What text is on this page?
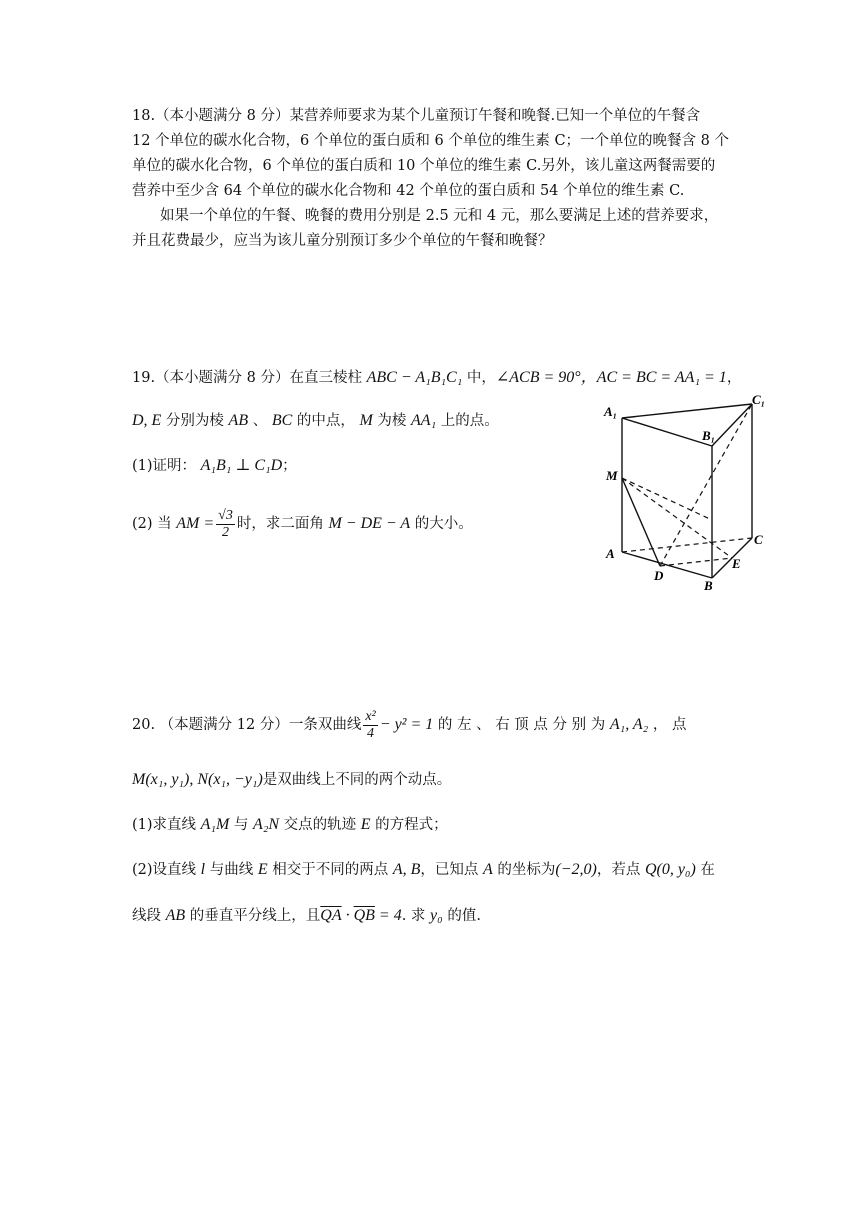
18.（本小题满分 8 分）某营养师要求为某个儿童预订午餐和晚餐.已知一个单位的午餐含
12 个单位的碳水化合物，6 个单位的蛋白质和 6 个单位的维生素 C；一个单位的晚餐含 8 个
单位的碳水化合物，6 个单位的蛋白质和 10 个单位的维生素 C.另外，该儿童这两餐需要的
营养中至少含 64 个单位的碳水化合物和 42 个单位的蛋白质和 54 个单位的维生素 C.
如果一个单位的午餐、晚餐的费用分别是 2.5 元和 4 元，那么要满足上述的营养要求，
并且花费最少，应当为该儿童分别预订多少个单位的午餐和晚餐？
19.（本小题满分 8 分）在直三棱柱 ABC − A₁B₁C₁ 中，∠ACB = 90°，AC = BC = AA₁ = 1，
D, E 分别为棱 AB 、 BC 的中点， M 为棱 AA₁ 上的点。
(1)证明： A₁B₁ ⊥ C₁D；
(2) 当 AM = $\frac{√3}{2}$ 时，求二面角 M − DE − A 的大小。
A₁
C₁
B₁
M
A
C
D
E
B
20. （本题满分 12 分）一条双曲线 $\frac{\text{x²}}{4} - y^2 = 1$ 的 左 、 右 顶 点 分 别 为 A₁, A₂ ， 点
M(x₁, y₁), N(x₁, −y₁)是双曲线上不同的两个动点。
(1)求直线 A₁M 与 A₂N 交点的轨迹 E 的方程式；
(2)设直线 l 与曲线 E 相交于不同的两点 A, B，已知点 A 的坐标为(−2,0)，若点 Q(0, y₀) 在
线段 AB 的垂直平分线上，且$\overline{QA} \cdot \overline{QB} = 4$. 求 y₀ 的值.
